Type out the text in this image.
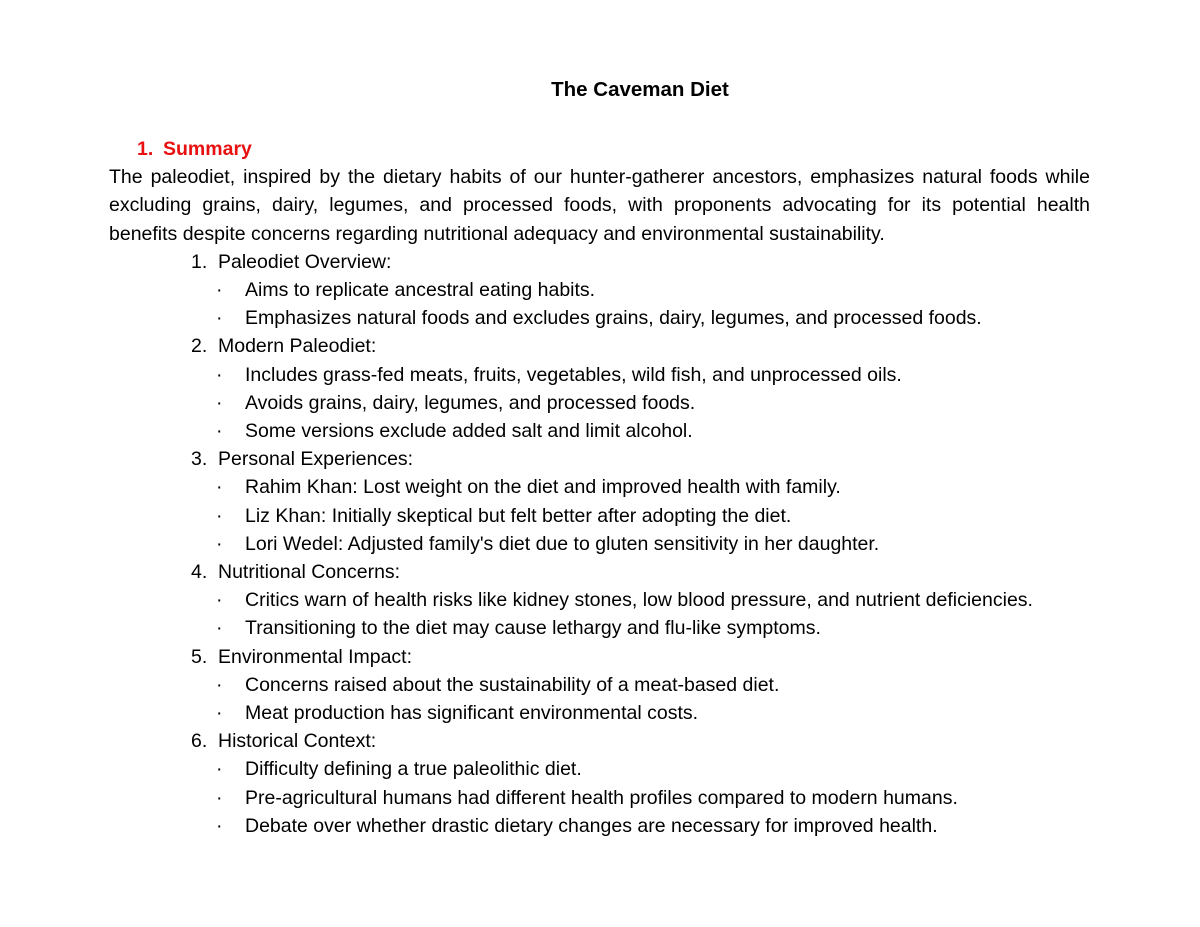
The Caveman Diet
1. Summary
The paleodiet, inspired by the dietary habits of our hunter-gatherer ancestors, emphasizes natural foods while excluding grains, dairy, legumes, and processed foods, with proponents advocating for its potential health benefits despite concerns regarding nutritional adequacy and environmental sustainability.
1. Paleodiet Overview:
· Aims to replicate ancestral eating habits.
· Emphasizes natural foods and excludes grains, dairy, legumes, and processed foods.
2. Modern Paleodiet:
· Includes grass-fed meats, fruits, vegetables, wild fish, and unprocessed oils.
· Avoids grains, dairy, legumes, and processed foods.
· Some versions exclude added salt and limit alcohol.
3. Personal Experiences:
· Rahim Khan: Lost weight on the diet and improved health with family.
· Liz Khan: Initially skeptical but felt better after adopting the diet.
· Lori Wedel: Adjusted family's diet due to gluten sensitivity in her daughter.
4. Nutritional Concerns:
· Critics warn of health risks like kidney stones, low blood pressure, and nutrient deficiencies.
· Transitioning to the diet may cause lethargy and flu-like symptoms.
5. Environmental Impact:
· Concerns raised about the sustainability of a meat-based diet.
· Meat production has significant environmental costs.
6. Historical Context:
· Difficulty defining a true paleolithic diet.
· Pre-agricultural humans had different health profiles compared to modern humans.
· Debate over whether drastic dietary changes are necessary for improved health.
